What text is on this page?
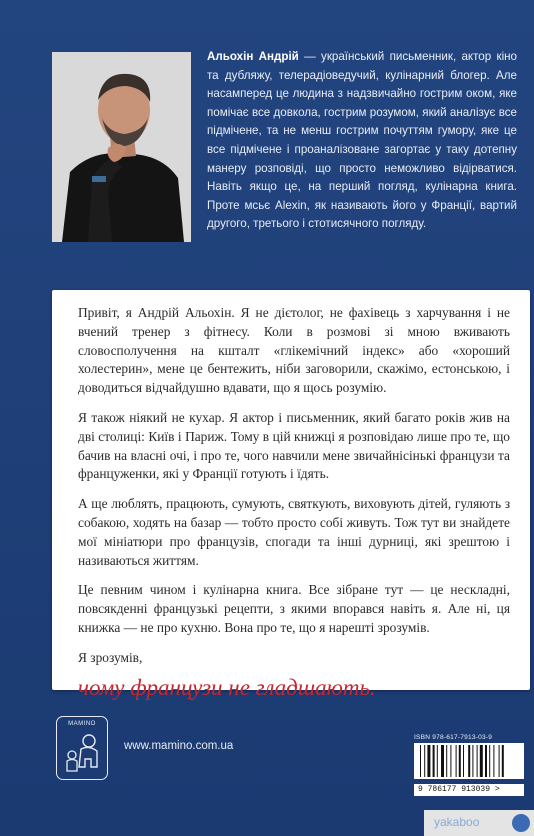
Альохін Андрій — український письменник, актор кіно та дубляжу, телерадіоведучий, кулінарний блогер. Але насамперед це людина з надзвичайно гострим оком, яке помічає все довкола, гострим розумом, який аналізує все підмічене, та не менш гострим почуттям гумору, яке це все підмічене і проаналізоване загортає у таку дотепну манеру розповіді, що просто неможливо відірватися. Навіть якщо це, на перший погляд, кулінарна книга. Проте мсьє Alexin, як називають його у Франції, вартий другого, третього і стотисячного погляду.

Привіт, я Андрій Альохін. Я не дієтолог, не фахівець з харчування і не вчений тренер з фітнесу. Коли в розмові зі мною вживають словосполучення на кшталт «глікемічний індекс» або «хороший холестерин», мене це бентежить, ніби заговорили, скажімо, естонською, і доводиться відчайдушно вдавати, що я щось розумію.

Я також ніякий не кухар. Я актор і письменник, який багато років жив на дві столиці: Київ і Париж. Тому в цій книжці я розповідаю лише про те, що бачив на власні очі, і про те, чого навчили мене звичайнісінькі французи та француженки, які у Франції готують і їдять.

А ще люблять, працюють, сумують, святкують, виховують дітей, гуляють з собакою, ходять на базар — тобто просто собі живуть. Тож тут ви знайдете мої мініатюри про французів, спогади та інші дурниці, які зрештою і називаються життям.

Це певним чином і кулінарна книга. Все зібране тут — це нескладні, повсякденні французькі рецепти, з якими впорався навіть я. Але ні, ця книжка — не про кухню. Вона про те, що я нарешті зрозумів.

Я зрозумів,

чому французи не гладшають.
MAMINO
www.mamino.com.ua
ISBN 978-617-7913-03-9
9 786177 913039 >
yakaboo
